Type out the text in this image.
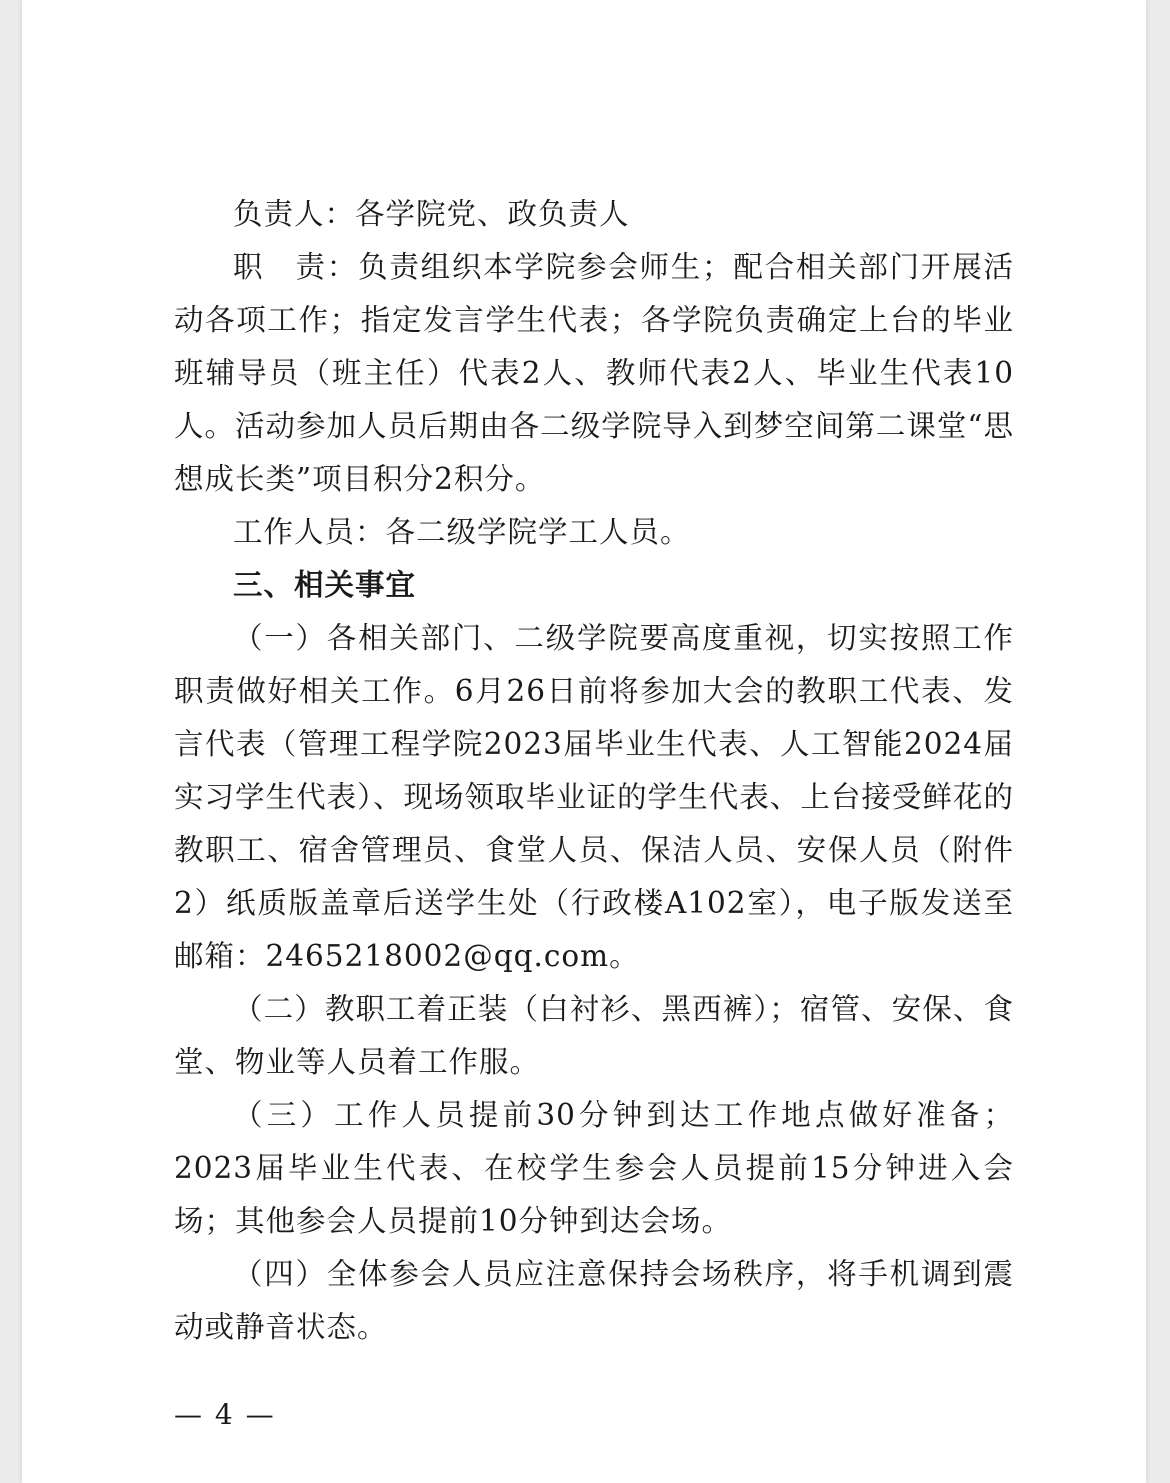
负责人：各学院党、政负责人

职　责：负责组织本学院参会师生；配合相关部门开展活动各项工作；指定发言学生代表；各学院负责确定上台的毕业班辅导员（班主任）代表2人、教师代表2人、毕业生代表10人。活动参加人员后期由各二级学院导入到梦空间第二课堂“思想成长类”项目积分2积分。

工作人员：各二级学院学工人员。

三、相关事宜

（一）各相关部门、二级学院要高度重视，切实按照工作职责做好相关工作。6月26日前将参加大会的教职工代表、发言代表（管理工程学院2023届毕业生代表、人工智能2024届实习学生代表）、现场领取毕业证的学生代表、上台接受鲜花的教职工、宿舍管理员、食堂人员、保洁人员、安保人员（附件2）纸质版盖章后送学生处（行政楼A102室），电子版发送至邮箱：2465218002@qq.com。

（二）教职工着正装（白衬衫、黑西裤）；宿管、安保、食堂、物业等人员着工作服。

（三）工作人员提前30分钟到达工作地点做好准备；2023届毕业生代表、在校学生参会人员提前15分钟进入会场；其他参会人员提前10分钟到达会场。

（四）全体参会人员应注意保持会场秩序，将手机调到震动或静音状态。

— 4 —
